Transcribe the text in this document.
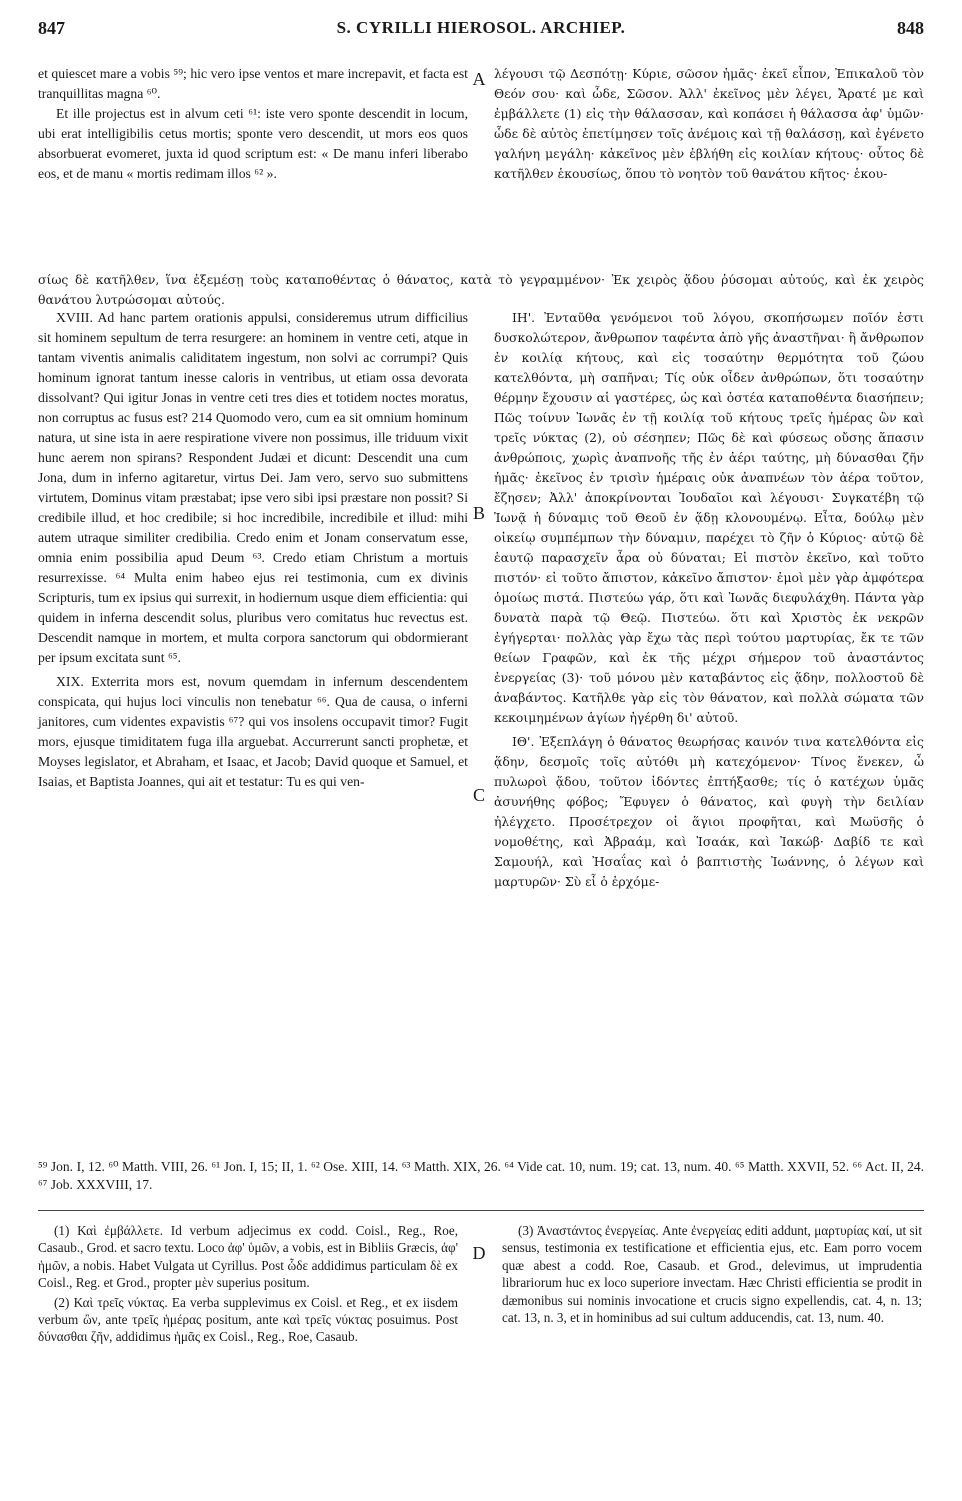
847	S. CYRILLI HIEROSOL. ARCHIEP.	848
A
B
C
D

et quiescet mare a vobis ⁵⁹; hic vero ipse ventos et mare increpavit, et facta est tranquillitas magna ⁶⁰.

Et ille projectus est in alvum ceti ⁶¹: iste vero sponte descendit in locum, ubi erat intelligibilis cetus mortis; sponte vero descendit, ut mors eos quos absorbuerat evomeret, juxta id quod scriptum est: « De manu inferi liberabo eos, et de manu « mortis redimam illos ⁶² ».

λέγουσι τῷ Δεσπότῃ· Κύριε, σῶσον ἡμᾶς· ἐκεῖ εἶπον, Ἐπικαλοῦ τὸν Θεόν σου· καὶ ὧδε, Σῶσον. Ἀλλ' ἐκεῖνος μὲν λέγει, Ἄρατέ με καὶ ἐμβάλλετε (1) εἰς τὴν θάλασσαν, καὶ κοπάσει ἡ θάλασσα ἀφ' ὑμῶν· ὧδε δὲ αὐτὸς ἐπετίμησεν τοῖς ἀνέμοις καὶ τῇ θαλάσσῃ, καὶ ἐγένετο γαλήνη μεγάλη· κἀκεῖνος μὲν ἐβλήθη εἰς κοιλίαν κήτους· οὗτος δὲ κατῆλθεν ἑκουσίως, ὅπου τὸ νοητὸν τοῦ θανάτου κῆτος· ἑκου-

σίως δὲ κατῆλθεν, ἵνα ἐξεμέσῃ τοὺς καταποθέντας ὁ θάνατος, κατὰ τὸ γεγραμμένον· Ἐκ χειρὸς ᾅδου ῥύσομαι αὐτούς, καὶ ἐκ χειρὸς θανάτου λυτρώσομαι αὐτούς.

XVIII. Ad hanc partem orationis appulsi, consideremus utrum difficilius sit hominem sepultum de terra resurgere: an hominem in ventre ceti, atque in tantam viventis animalis caliditatem ingestum, non solvi ac corrumpi? Quis hominum ignorat tantum inesse caloris in ventribus, ut etiam ossa devorata dissolvant? Qui igitur Jonas in ventre ceti tres dies et totidem noctes moratus, non corruptus ac fusus est? 214 Quomodo vero, cum ea sit omnium hominum natura, ut sine ista in aere respiratione vivere non possimus, ille triduum vixit hunc aerem non spirans? Respondent Judæi et dicunt: Descendit una cum Jona, dum in inferno agitaretur, virtus Dei. Jam vero, servo suo submittens virtutem, Dominus vitam præstabat; ipse vero sibi ipsi præstare non possit? Si credibile illud, et hoc credibile; si hoc incredibile, incredibile et illud: mihi autem utraque similiter credibilia. Credo enim et Jonam conservatum esse, omnia enim possibilia apud Deum ⁶³. Credo etiam Christum a mortuis resurrexisse. ⁶⁴ Multa enim habeo ejus rei testimonia, cum ex divinis Scripturis, tum ex ipsius qui surrexit, in hodiernum usque diem efficientia: qui quidem in inferna descendit solus, pluribus vero comitatus huc revectus est. Descendit namque in mortem, et multa corpora sanctorum qui obdormierant per ipsum excitata sunt ⁶⁵.

XIX. Exterrita mors est, novum quemdam in infernum descendentem conspicata, qui hujus loci vinculis non tenebatur ⁶⁶. Qua de causa, o inferni janitores, cum videntes expavistis ⁶⁷? qui vos insolens occupavit timor? Fugit mors, ejusque timiditatem fuga illa arguebat. Accurrerunt sancti prophetæ, et Moyses legislator, et Abraham, et Isaac, et Jacob; David quoque et Samuel, et Isaias, et Baptista Joannes, qui ait et testatur: Tu es qui ven-

ΙΗ'. Ἐνταῦθα γενόμενοι τοῦ λόγου, σκοπήσωμεν ποῖόν ἐστι δυσκολώτερον, ἄνθρωπον ταφέντα ἀπὸ γῆς ἀναστῆναι· ἢ ἄνθρωπον ἐν κοιλίᾳ κήτους, καὶ εἰς τοσαύτην θερμότητα τοῦ ζώου κατελθόντα, μὴ σαπῆναι; Τίς οὐκ οἶδεν ἀνθρώπων, ὅτι τοσαύτην θέρμην ἔχουσιν αἱ γαστέρες, ὡς καὶ ὀστέα καταποθέντα διασήπειν; Πῶς τοίνυν Ἰωνᾶς ἐν τῇ κοιλίᾳ τοῦ κήτους τρεῖς ἡμέρας ὢν καὶ τρεῖς νύκτας (2), οὐ σέσηπεν; Πῶς δὲ καὶ φύσεως οὔσης ἅπασιν ἀνθρώποις, χωρὶς ἀναπνοῆς τῆς ἐν ἀέρι ταύτης, μὴ δύνασθαι ζῆν ἡμᾶς· ἐκεῖνος ἐν τρισὶν ἡμέραις οὐκ ἀναπνέων τὸν ἀέρα τοῦτον, ἔζησεν; Ἀλλ' ἀποκρίνονται Ἰουδαῖοι καὶ λέγουσι· Συγκατέβη τῷ Ἰωνᾷ ἡ δύναμις τοῦ Θεοῦ ἐν ᾅδῃ κλονουμένῳ. Εἶτα, δούλῳ μὲν οἰκείῳ συμπέμπων τὴν δύναμιν, παρέχει τὸ ζῆν ὁ Κύριος· αὐτῷ δὲ ἑαυτῷ παρασχεῖν ἆρα οὐ δύναται; Εἰ πιστὸν ἐκεῖνο, καὶ τοῦτο πιστόν· εἰ τοῦτο ἄπιστον, κἀκεῖνο ἄπιστον· ἐμοὶ μὲν γὰρ ἀμφότερα ὁμοίως πιστά. Πιστεύω γάρ, ὅτι καὶ Ἰωνᾶς διεφυλάχθη. Πάντα γὰρ δυνατὰ παρὰ τῷ Θεῷ. Πιστεύω. ὅτι καὶ Χριστὸς ἐκ νεκρῶν ἐγήγερται· πολλὰς γὰρ ἔχω τὰς περὶ τούτου μαρτυρίας, ἔκ τε τῶν θείων Γραφῶν, καὶ ἐκ τῆς μέχρι σήμερον τοῦ ἀναστάντος ἐνεργείας (3)· τοῦ μόνου μὲν καταβάντος εἰς ᾅδην, πολλοστοῦ δὲ ἀναβάντος. Κατῆλθε γὰρ εἰς τὸν θάνατον, καὶ πολλὰ σώματα τῶν κεκοιμημένων ἁγίων ἠγέρθη δι' αὐτοῦ.

ΙΘ'. Ἐξεπλάγη ὁ θάνατος θεωρήσας καινόν τινα κατελθόντα εἰς ᾅδην, δεσμοῖς τοῖς αὐτόθι μὴ κατεχόμενον· Τίνος ἕνεκεν, ὦ πυλωροὶ ᾅδου, τοῦτον ἰδόντες ἐπτήξασθε; τίς ὁ κατέχων ὑμᾶς ἀσυνήθης φόβος; Ἔφυγεν ὁ θάνατος, καὶ φυγὴ τὴν δειλίαν ἠλέγχετο. Προσέτρεχον οἱ ἅγιοι προφῆται, καὶ Μωϋσῆς ὁ νομοθέτης, καὶ Ἀβραάμ, καὶ Ἰσαάκ, καὶ Ἰακώβ· Δαβίδ τε καὶ Σαμουήλ, καὶ Ἠσαΐας καὶ ὁ βαπτιστὴς Ἰωάννης, ὁ λέγων καὶ μαρτυρῶν· Σὺ εἶ ὁ ἐρχόμε-

⁵⁹ Jon. I, 12. ⁶⁰ Matth. VIII, 26. ⁶¹ Jon. I, 15; II, 1. ⁶² Ose. XIII, 14. ⁶³ Matth. XIX, 26. ⁶⁴ Vide cat. 10, num. 19; cat. 13, num. 40. ⁶⁵ Matth. XXVII, 52. ⁶⁶ Act. II, 24. ⁶⁷ Job. XXXVIII, 17.

(1) Καὶ ἐμβάλλετε. Id verbum adjecimus ex codd. Coisl., Reg., Roe, Casaub., Grod. et sacro textu. Loco ἀφ' ὑμῶν, a vobis, est in Bibliis Græcis, ἀφ' ἡμῶν, a nobis. Habet Vulgata ut Cyrillus. Post ὧδε addidimus particulam δὲ ex Coisl., Reg. et Grod., propter μὲν superius positum.

(2) Καὶ τρεῖς νύκτας. Ea verba supplevimus ex Coisl. et Reg., et ex iisdem verbum ὢν, ante τρεῖς ἡμέρας positum, ante καὶ τρεῖς νύκτας posuimus. Post δύνασθαι ζῆν, addidimus ἡμᾶς ex Coisl., Reg., Roe, Casaub.

(3) Ἀναστάντος ἐνεργείας. Ante ἐνεργείας editi addunt, μαρτυρίας καί, ut sit sensus, testimonia ex testificatione et efficientia ejus, etc. Eam porro vocem quæ abest a codd. Roe, Casaub. et Grod., delevimus, ut imprudentia librariorum huc ex loco superiore invectam. Hæc Christi efficientia se prodit in dæmonibus sui nominis invocatione et crucis signo expellendis, cat. 4, n. 13; cat. 13, n. 3, et in hominibus ad sui cultum adducendis, cat. 13, num. 40.
